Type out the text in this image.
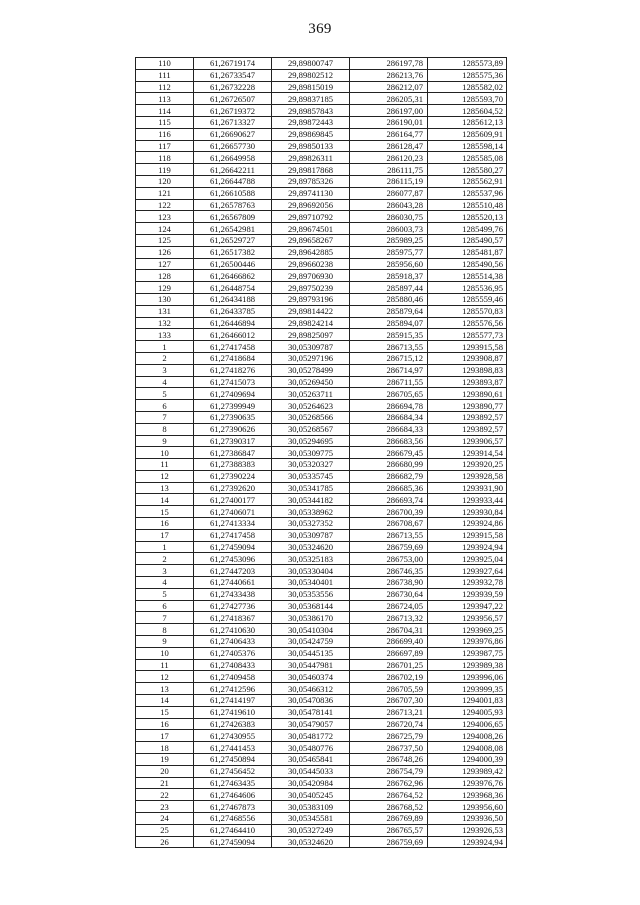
369
110	61,26719174	29,89800747	286197,78	1285573,89
111	61,26733547	29,89802512	286213,76	1285575,36
112	61,26732228	29,89815019	286212,07	1285582,02
113	61,26726507	29,89837185	286205,31	1285593,70
114	61,26719372	29,89857843	286197,00	1285604,52
115	61,26713327	29,89872443	286190,01	1285612,13
116	61,26690627	29,89869845	286164,77	1285609,91
117	61,26657730	29,89850133	286128,47	1285598,14
118	61,26649958	29,89826311	286120,23	1285585,08
119	61,26642211	29,89817868	286111,75	1285580,27
120	61,26644788	29,89785326	286115,19	1285562,91
121	61,26610588	29,89741130	286077,87	1285537,96
122	61,26578763	29,89692056	286043,28	1285510,48
123	61,26567809	29,89710792	286030,75	1285520,13
124	61,26542981	29,89674501	286003,73	1285499,76
125	61,26529727	29,89658267	285989,25	1285490,57
126	61,26517382	29,89642885	285975,77	1285481,87
127	61,26500446	29,89660238	285956,60	1285490,56
128	61,26466862	29,89706930	285918,37	1285514,38
129	61,26448754	29,89750239	285897,44	1285536,95
130	61,26434188	29,89793196	285880,46	1285559,46
131	61,26433785	29,89814422	285879,64	1285570,83
132	61,26446894	29,89824214	285894,07	1285576,56
133	61,26466012	29,89825097	285915,35	1285577,73
1	61,27417458	30,05309787	286713,55	1293915,58
2	61,27418684	30,05297196	286715,12	1293908,87
3	61,27418276	30,05278499	286714,97	1293898,83
4	61,27415073	30,05269450	286711,55	1293893,87
5	61,27409694	30,05263711	286705,65	1293890,61
6	61,27399949	30,05264623	286694,78	1293890,77
7	61,27390635	30,05268566	286684,34	1293892,57
8	61,27390626	30,05268567	286684,33	1293892,57
9	61,27390317	30,05294695	286683,56	1293906,57
10	61,27386847	30,05309775	286679,45	1293914,54
11	61,27388383	30,05320327	286680,99	1293920,25
12	61,27390224	30,05335745	286682,79	1293928,58
13	61,27392620	30,05341785	286685,36	1293931,90
14	61,27400177	30,05344182	286693,74	1293933,44
15	61,27406071	30,05338962	286700,39	1293930,84
16	61,27413334	30,05327352	286708,67	1293924,86
17	61,27417458	30,05309787	286713,55	1293915,58
1	61,27459094	30,05324620	286759,69	1293924,94
2	61,27453096	30,05325183	286753,00	1293925,04
3	61,27447203	30,05330404	286746,35	1293927,64
4	61,27440661	30,05340401	286738,90	1293932,78
5	61,27433438	30,05353556	286730,64	1293939,59
6	61,27427736	30,05368144	286724,05	1293947,22
7	61,27418367	30,05386170	286713,32	1293956,57
8	61,27410630	30,05410304	286704,31	1293969,25
9	61,27406433	30,05424759	286699,40	1293976,86
10	61,27405376	30,05445135	286697,89	1293987,75
11	61,27408433	30,05447981	286701,25	1293989,38
12	61,27409458	30,05460374	286702,19	1293996,06
13	61,27412596	30,05466312	286705,59	1293999,35
14	61,27414197	30,05470836	286707,30	1294001,83
15	61,27419610	30,05478141	286713,21	1294005,93
16	61,27426383	30,05479057	286720,74	1294006,65
17	61,27430955	30,05481772	286725,79	1294008,26
18	61,27441453	30,05480776	286737,50	1294008,08
19	61,27450894	30,05465841	286748,26	1294000,39
20	61,27456452	30,05445033	286754,79	1293989,42
21	61,27463435	30,05420984	286762,96	1293976,76
22	61,27464606	30,05405245	286764,52	1293968,36
23	61,27467873	30,05383109	286768,52	1293956,60
24	61,27468556	30,05345581	286769,89	1293936,50
25	61,27464410	30,05327249	286765,57	1293926,53
26	61,27459094	30,05324620	286759,69	1293924,94
